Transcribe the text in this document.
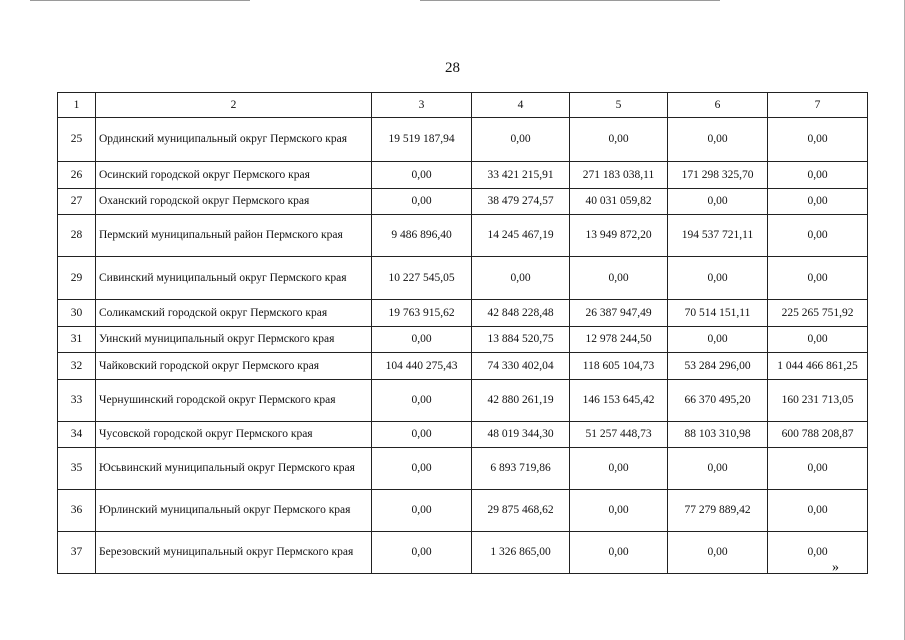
28
1	2	3	4	5	6	7
25	Ординский муниципальный округ Пермского края	19 519 187,94	0,00	0,00	0,00	0,00
26	Осинский городской округ Пермского края	0,00	33 421 215,91	271 183 038,11	171 298 325,70	0,00
27	Оханский городской округ Пермского края	0,00	38 479 274,57	40 031 059,82	0,00	0,00
28	Пермский муниципальный район Пермского края	9 486 896,40	14 245 467,19	13 949 872,20	194 537 721,11	0,00
29	Сивинский муниципальный округ Пермского края	10 227 545,05	0,00	0,00	0,00	0,00
30	Соликамский городской округ Пермского края	19 763 915,62	42 848 228,48	26 387 947,49	70 514 151,11	225 265 751,92
31	Уинский муниципальный округ Пермского края	0,00	13 884 520,75	12 978 244,50	0,00	0,00
32	Чайковский городской округ Пермского края	104 440 275,43	74 330 402,04	118 605 104,73	53 284 296,00	1 044 466 861,25
33	Чернушинский городской округ Пермского края	0,00	42 880 261,19	146 153 645,42	66 370 495,20	160 231 713,05
34	Чусовской городской округ Пермского края	0,00	48 019 344,30	51 257 448,73	88 103 310,98	600 788 208,87
35	Юсьвинский муниципальный округ Пермского края	0,00	6 893 719,86	0,00	0,00	0,00
36	Юрлинский муниципальный округ Пермского края	0,00	29 875 468,62	0,00	77 279 889,42	0,00
37	Березовский муниципальный округ Пермского края	0,00	1 326 865,00	0,00	0,00	0,00
»
